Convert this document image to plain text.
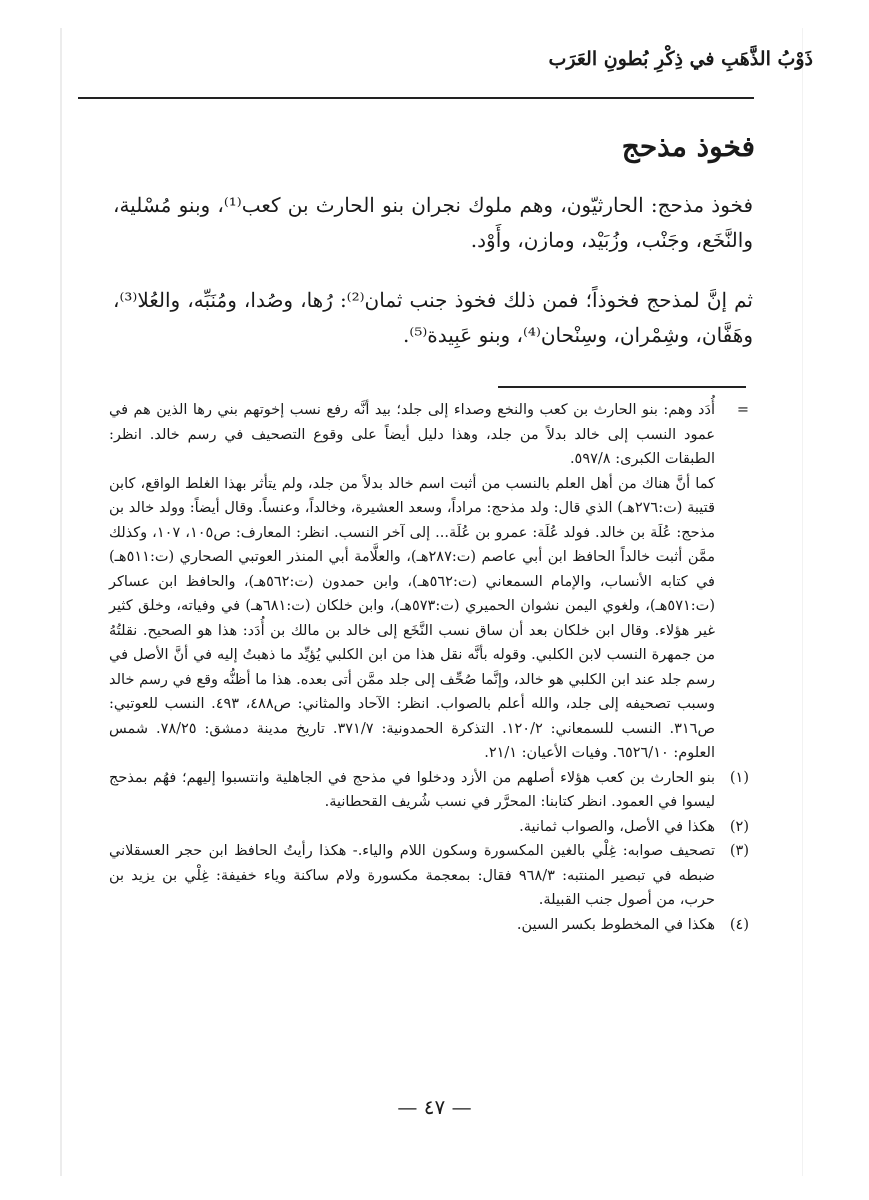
ذَوْبُ الذَّهَبِ في ذِكْرِ بُطونِ العَرَب
فخوذ مذحج

فخوذ مذحج: الحارثيّون، وهم ملوك نجران بنو الحارث بن كعب⁽¹⁾، وبنو مُسْلية، والنَّخَع، وجَنْب، وزُبَيْد، ومازن، وأَوْد.

ثم إنَّ لمذحج فخوذاً؛ فمن ذلك فخوذ جنب ثمان⁽²⁾: رُها، وصُدا، ومُنَبِّه، والعُلا⁽³⁾، وهَفَّان، وشِمْران، وسِنْحان⁽⁴⁾، وبنو عَبِيدة⁽⁵⁾.

=
أُدَد وهم: بنو الحارث بن كعب والنخع وصداء إلى جلد؛ بيد أنَّه رفع نسب إخوتهم بني رها الذين هم في عمود النسب إلى خالد بدلاً من جلد، وهذا دليل أيضاً على وقوع التصحيف في رسم خالد. انظر: الطبقات الكبرى: ٥٩٧/٨.
كما أنَّ هناك من أهل العلم بالنسب من أثبت اسم خالد بدلاً من جلد، ولم يتأثر بهذا الغلط الواقع، كابن قتيبة (ت:٢٧٦هـ) الذي قال: ولد مذحج: مراداً، وسعد العشيرة، وخالداً، وعنساً. وقال أيضاً: وولد خالد بن مذحج: عُلَة بن خالد. فولد عُلَة: عمرو بن عُلَة... إلى آخر النسب. انظر: المعارف: ص١٠٥، ١٠٧، وكذلك ممَّن أثبت خالداً الحافظ ابن أبي عاصم (ت:٢٨٧هـ)، والعلَّامة أبي المنذر العوتبي الصحاري (ت:٥١١هـ) في كتابه الأنساب، والإمام السمعاني (ت:٥٦٢هـ)، وابن حمدون (ت:٥٦٢هـ)، والحافظ ابن عساكر (ت:٥٧١هـ)، ولغوي اليمن نشوان الحميري (ت:٥٧٣هـ)، وابن خلكان (ت:٦٨١هـ) في وفياته، وخلق كثير غير هؤلاء. وقال ابن خلكان بعد أن ساق نسب النَّخَع إلى خالد بن مالك بن أُدَد: هذا هو الصحيح. نقلتُهُ من جمهرة النسب لابن الكلبي. وقوله بأنَّه نقل هذا من ابن الكلبي يُؤيِّد ما ذهبتُ إليه في أنَّ الأصل في رسم جلد عند ابن الكلبي هو خالد، وإنَّما صُحِّف إلى جلد ممَّن أتى بعده. هذا ما أظنُّه وقع في رسم خالد وسبب تصحيفه إلى جلد، والله أعلم بالصواب. انظر: الآحاد والمثاني: ص٤٨٨، ٤٩٣. النسب للعوتبي: ص٣١٦. النسب للسمعاني: ١٢٠/٢. التذكرة الحمدونية: ٣٧١/٧. تاريخ مدينة دمشق: ٧٨/٢٥. شمس العلوم: ٦٥٢٦/١٠. وفيات الأعيان: ٢١/١.
(١)
بنو الحارث بن كعب هؤلاء أصلهم من الأزد ودخلوا في مذحج في الجاهلية وانتسبوا إليهم؛ فهُم بمذحج ليسوا في العمود. انظر كتابنا: المحرَّر في نسب شُريف القحطانية.
(٢)
هكذا في الأصل، والصواب ثمانية.
(٣)
تصحيف صوابه: غِلْي بالغين المكسورة وسكون اللام والياء.- هكذا رأيتُ الحافظ ابن حجر العسقلاني ضبطه في تبصير المنتبه: ٩٦٨/٣ فقال: بمعجمة مكسورة ولام ساكنة وياء خفيفة: غِلْي بن يزيد بن حرب، من أصول جنب القبيلة.
(٤)
هكذا في المخطوط بكسر السين.
— ٤٧ —
